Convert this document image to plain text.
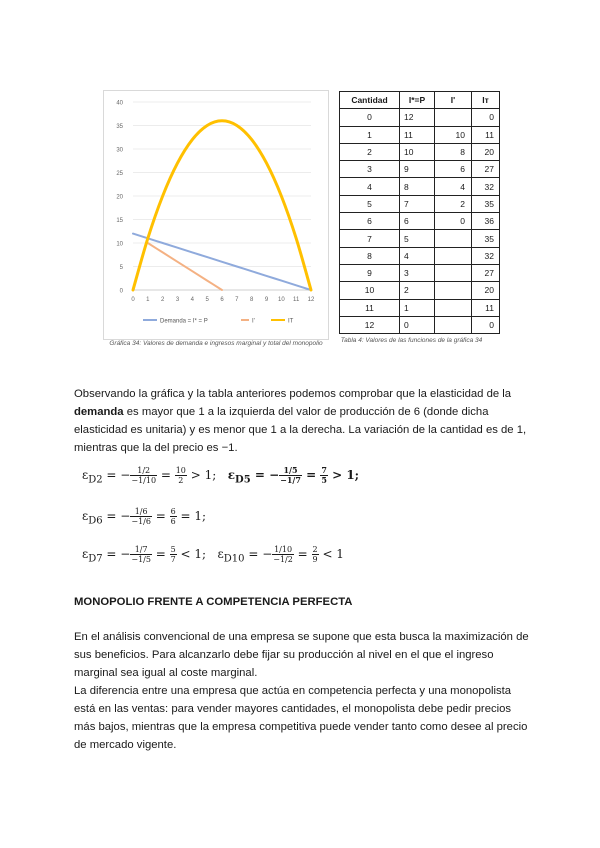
0
5
10
15
20
25
30
35
40
0 1 2 3 4 5 6 7 8 9 10 11 12
Demanda = I* = P	I'	IT
Gráfica 34: Valores de demanda e ingresos marginal y total del monopolio
Cantidad	I*=P	I'	Iᴛ
0	12		0
1	11	10	11
2	10	8	20
3	9	6	27
4	8	4	32
5	7	2	35
6	6	0	36
7	5		35
8	4		32
9	3		27
10	2		20
11	1		11
12	0		0
Tabla 4: Valores de las funciones de la gráfica 34
Observando la gráfica y la tabla anteriores podemos comprobar que la elasticidad de la demanda es mayor que 1 a la izquierda del valor de producción de 6 (donde dicha elasticidad es unitaria) y es menor que 1 a la derecha. La variación de la cantidad es de 1, mientras que la del precio es −1.
$\varepsilon_{D2}$ = − $\frac{1/2}{-1/10} = \frac{10}{2} > 1$; $\varepsilon_{D5}$ = − $\frac{1/5}{-1/7} = \frac{7}{5} > 1$;
$\varepsilon_{D6}$ = − $\frac{1/6}{-1/6} = \frac{6}{6} = 1$;
$\varepsilon_{D7}$ = − $\frac{1/7}{-1/5} = \frac{5}{7} < 1$; $\varepsilon_{D10}$ = − $\frac{1/10}{-1/2} = \frac{2}{9} < 1$
MONOPOLIO FRENTE A COMPETENCIA PERFECTA
En el análisis convencional de una empresa se supone que esta busca la maximización de sus beneficios. Para alcanzarlo debe fijar su producción al nivel en el que el ingreso marginal sea igual al coste marginal.
La diferencia entre una empresa que actúa en competencia perfecta y una monopolista está en las ventas: para vender mayores cantidades, el monopolista debe pedir precios más bajos, mientras que la empresa competitiva puede vender tanto como desee al precio de mercado vigente.
